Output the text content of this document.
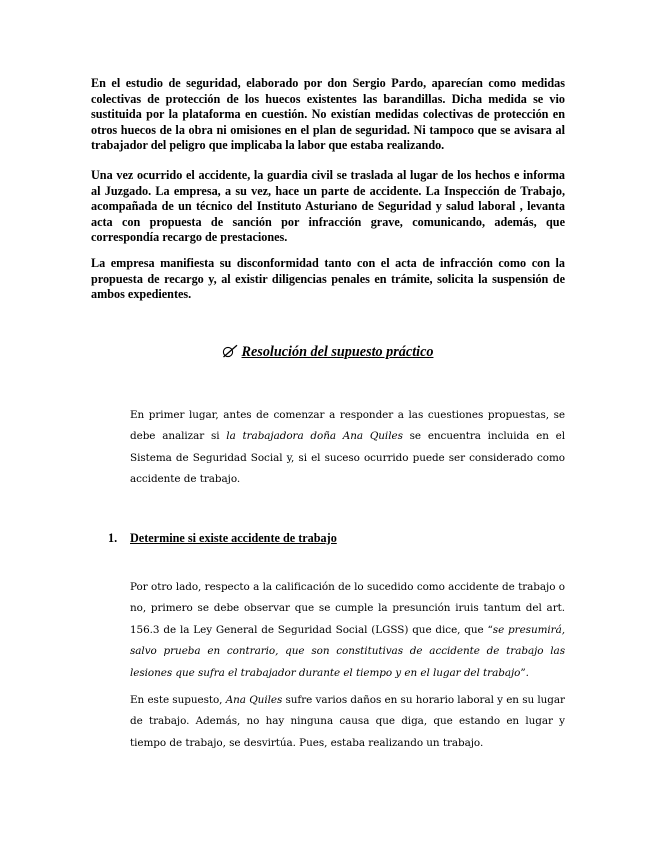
En el estudio de seguridad, elaborado por don Sergio Pardo, aparecían como medidas colectivas de protección de los huecos existentes las barandillas. Dicha medida se vio sustituida por la plataforma en cuestión. No existían medidas colectivas de protección en otros huecos de la obra ni omisiones en el plan de seguridad. Ni tampoco que se avisara al trabajador del peligro que implicaba la labor que estaba realizando.

Una vez ocurrido el accidente, la guardia civil se traslada al lugar de los hechos e informa al Juzgado. La empresa, a su vez, hace un parte de accidente. La Inspección de Trabajo, acompañada de un técnico del Instituto Asturiano de Seguridad y salud laboral , levanta acta con propuesta de sanción por infracción grave, comunicando, además, que correspondía recargo de prestaciones.

La empresa manifiesta su disconformidad tanto con el acta de infracción como con la propuesta de recargo y, al existir diligencias penales en trámite, solicita la suspensión de ambos expedientes.

Resolución del supuesto práctico

En primer lugar, antes de comenzar a responder a las cuestiones propuestas, se debe analizar si la trabajadora doña Ana Quiles se encuentra incluida en el Sistema de Seguridad Social y, si el suceso ocurrido puede ser considerado como accidente de trabajo.

1. Determine si existe accidente de trabajo

Por otro lado, respecto a la calificación de lo sucedido como accidente de trabajo o no, primero se debe observar que se cumple la presunción iruis tantum del art. 156.3 de la Ley General de Seguridad Social (LGSS) que dice, que “se presumirá, salvo prueba en contrario, que son constitutivas de accidente de trabajo las lesiones que sufra el trabajador durante el tiempo y en el lugar del trabajo”.

En este supuesto, Ana Quiles sufre varios daños en su horario laboral y en su lugar de trabajo. Además, no hay ninguna causa que diga, que estando en lugar y tiempo de trabajo, se desvirtúa. Pues, estaba realizando un trabajo.
